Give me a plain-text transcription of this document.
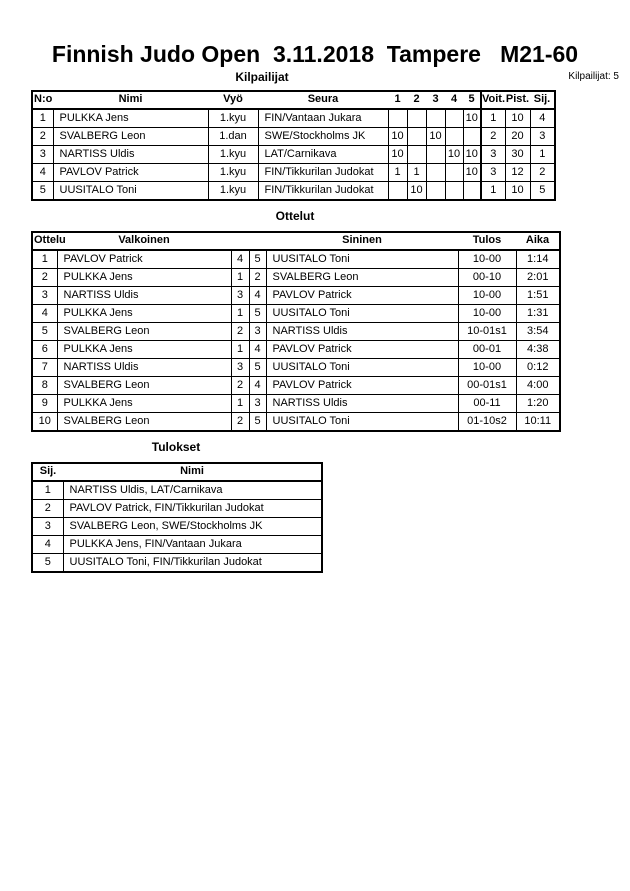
Finnish Judo Open  3.11.2018  Tampere   M21-60
Kilpailijat	Kilpailijat: 5
N:o	Nimi	Vyö	Seura	1	2	3	4	5	Voit.	Pist.	Sij.
1	PULKKA Jens	1.kyu	FIN/Vantaan Jukara					10	1	10	4
2	SVALBERG Leon	1.dan	SWE/Stockholms JK	10		10			2	20	3
3	NARTISS Uldis	1.kyu	LAT/Carnikava	10			10	10	3	30	1
4	PAVLOV Patrick	1.kyu	FIN/Tikkurilan Judokat	1	1			10	3	12	2
5	UUSITALO Toni	1.kyu	FIN/Tikkurilan Judokat		10				1	10	5
Ottelut
Ottelu	Valkoinen			Sininen	Tulos	Aika
1	PAVLOV Patrick	4	5	UUSITALO Toni	10-00	1:14
2	PULKKA Jens	1	2	SVALBERG Leon	00-10	2:01
3	NARTISS Uldis	3	4	PAVLOV Patrick	10-00	1:51
4	PULKKA Jens	1	5	UUSITALO Toni	10-00	1:31
5	SVALBERG Leon	2	3	NARTISS Uldis	10-01s1	3:54
6	PULKKA Jens	1	4	PAVLOV Patrick	00-01	4:38
7	NARTISS Uldis	3	5	UUSITALO Toni	10-00	0:12
8	SVALBERG Leon	2	4	PAVLOV Patrick	00-01s1	4:00
9	PULKKA Jens	1	3	NARTISS Uldis	00-11	1:20
10	SVALBERG Leon	2	5	UUSITALO Toni	01-10s2	10:11
Tulokset
Sij.	Nimi
1	NARTISS Uldis, LAT/Carnikava
2	PAVLOV Patrick, FIN/Tikkurilan Judokat
3	SVALBERG Leon, SWE/Stockholms JK
4	PULKKA Jens, FIN/Vantaan Jukara
5	UUSITALO Toni, FIN/Tikkurilan Judokat
